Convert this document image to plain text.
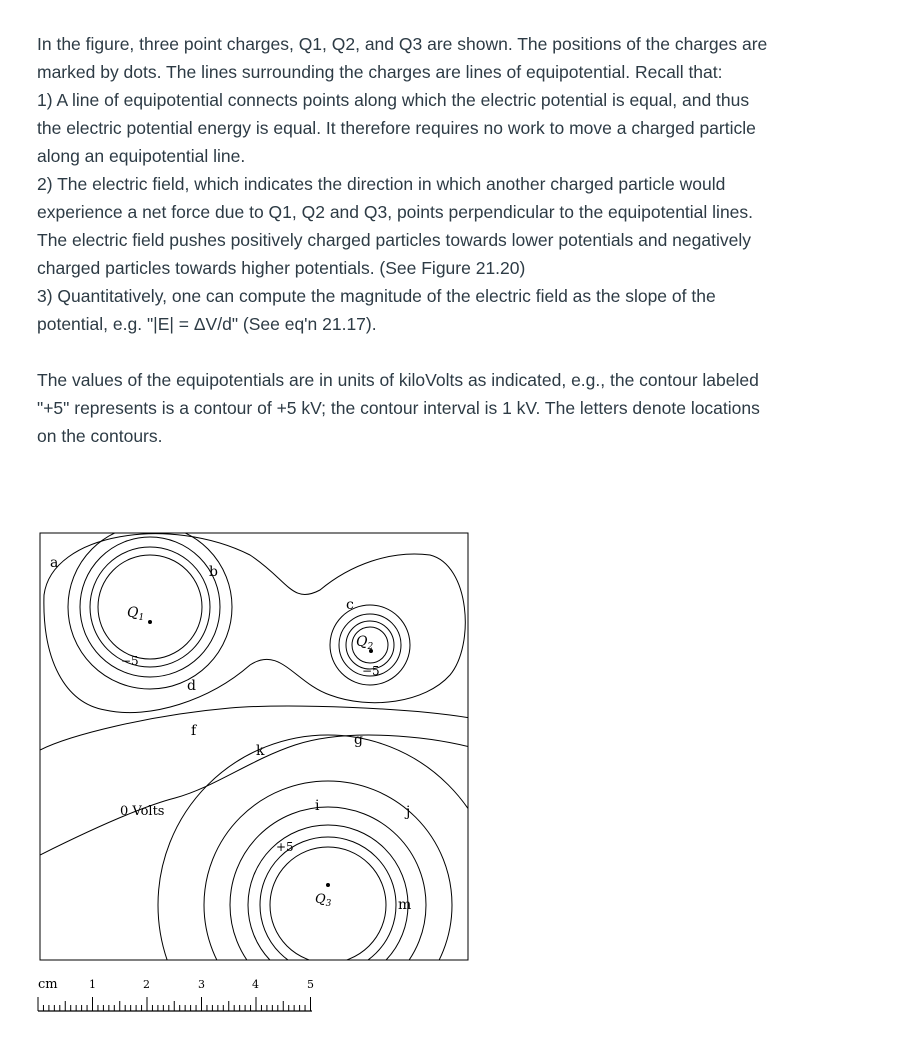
In the figure, three point charges, Q1, Q2, and Q3 are shown. The positions of the charges are marked by dots. The lines surrounding the charges are lines of equipotential. Recall that:

1) A line of equipotential connects points along which the electric potential is equal, and thus the electric potential energy is equal. It therefore requires no work to move a charged particle along an equipotential line.

2) The electric field, which indicates the direction in which another charged particle would experience a net force due to Q1, Q2 and Q3, points perpendicular to the equipotential lines. The electric field pushes positively charged particles towards lower potentials and negatively charged particles towards higher potentials. (See Figure 21.20)

3) Quantitatively, one can compute the magnitude of the electric field as the slope of the potential, e.g. "|E| = ΔV/d" (See eq'n 21.17).

The values of the equipotentials are in units of kiloVolts as indicated, e.g., the contour labeled "+5" represents is a contour of +5 kV; the contour interval is 1 kV. The letters denote locations on the contours.

$Q_1$
$Q_2$
$Q_3$
−5
−5
0 Volts
+5
a
b
c
d
f
g
k
i	j
m
cm	1	2	3	4	5
